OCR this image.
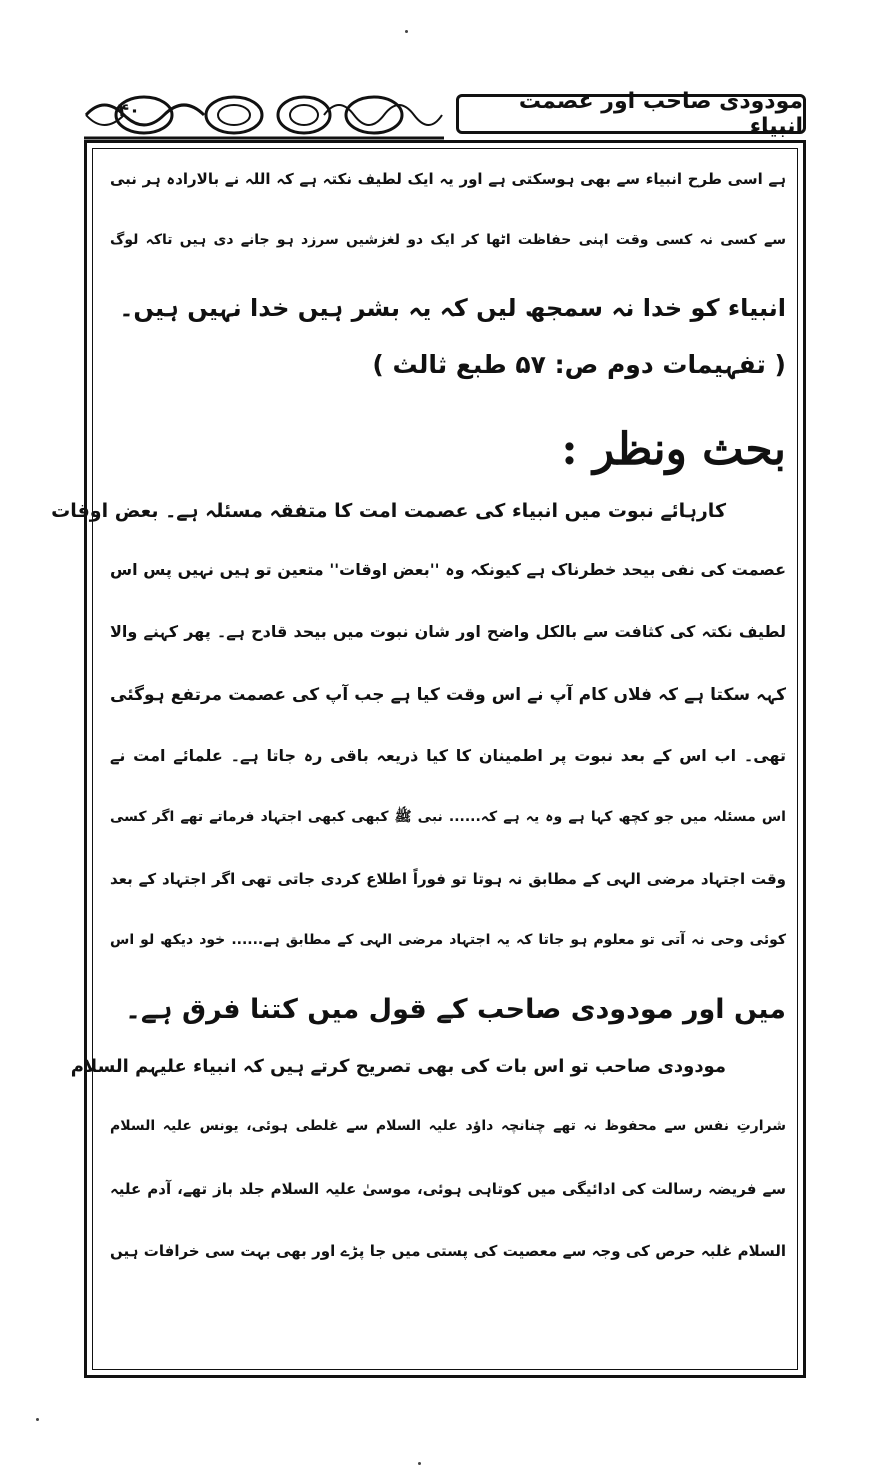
۴۰	مودودی صاحب اور عصمت انبیاء
ہے اسی طرح انبیاء سے بھی ہوسکتی ہے اور یہ ایک لطیف نکتہ ہے کہ اللہ نے بالارادہ ہر نبی
سے کسی نہ کسی وقت اپنی حفاظت اٹھا کر ایک دو لغزشیں سرزد ہو جانے دی ہیں تاکہ لوگ
انبیاء کو خدا نہ سمجھ لیں کہ یہ بشر ہیں خدا نہیں ہیں۔
( تفہیمات دوم ص: ۵۷ طبع ثالث )
بحث ونظر :
کارہائے نبوت میں انبیاء کی عصمت امت کا متفقہ مسئلہ ہے۔ بعض اوقات
عصمت کی نفی بیحد خطرناک ہے کیونکہ وہ ''بعض اوقات'' متعین تو ہیں نہیں پس اس
لطیف نکتہ کی کثافت سے بالکل واضح اور شان نبوت میں بیحد قادح ہے۔ پھر کہنے والا
کہہ سکتا ہے کہ فلاں کام آپ نے اس وقت کیا ہے جب آپ کی عصمت مرتفع ہوگئی
تھی۔ اب اس کے بعد نبوت پر اطمینان کا کیا ذریعہ باقی رہ جاتا ہے۔ علمائے امت نے
اس مسئلہ میں جو کچھ کہا ہے وہ یہ ہے کہ...... نبی ﷺ کبھی کبھی اجتہاد فرماتے تھے اگر کسی
وقت اجتہاد مرضی الہی کے مطابق نہ ہوتا تو فوراً اطلاع کردی جاتی تھی اگر اجتہاد کے بعد
کوئی وحی نہ آتی تو معلوم ہو جاتا کہ یہ اجتہاد مرضی الہی کے مطابق ہے...... خود دیکھ لو اس
میں اور مودودی صاحب کے قول میں کتنا فرق ہے۔
مودودی صاحب تو اس بات کی بھی تصریح کرتے ہیں کہ انبیاء علیہم السلام
شرارتِ نفس سے محفوظ نہ تھے چنانچہ داؤد علیہ السلام سے غلطی ہوئی، یونس علیہ السلام
سے فریضہ رسالت کی ادائیگی میں کوتاہی ہوئی، موسیٰ علیہ السلام جلد باز تھے، آدم علیہ
السلام غلبہ حرص کی وجہ سے معصیت کی پستی میں جا پڑے اور بھی بہت سی خرافات ہیں
